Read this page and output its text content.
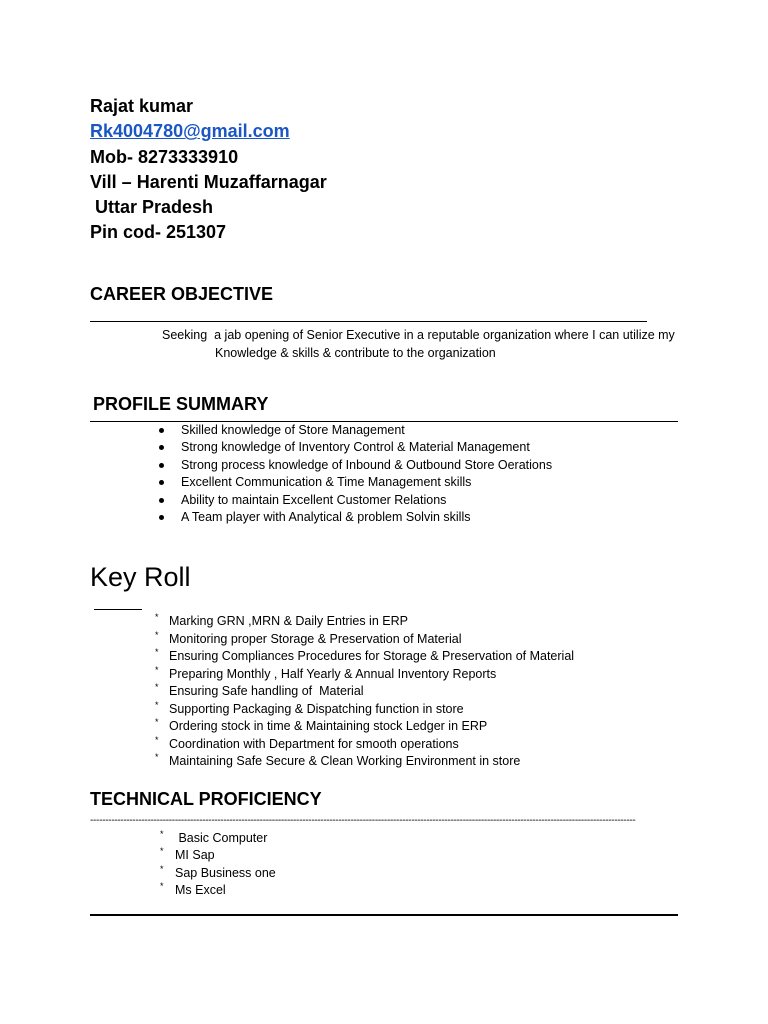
Rajat kumar
Rk4004780@gmail.com
Mob- 8273333910
Vill – Harenti Muzaffarnagar
Uttar Pradesh
Pin cod- 251307
CAREER OBJECTIVE
Seeking  a jab opening of Senior Executive in a reputable organization where I can utilize my
Knowledge & skills & contribute to the organization
PROFILE SUMMARY
Skilled knowledge of Store Management
Strong knowledge of Inventory Control & Material Management
Strong process knowledge of Inbound & Outbound Store Oerations
Excellent Communication & Time Management skills
Ability to maintain Excellent Customer Relations
A Team player with Analytical & problem Solvin skills
Key Roll
* Marking GRN ,MRN & Daily Entries in ERP
* Monitoring proper Storage & Preservation of Material
* Ensuring Compliances Procedures for Storage & Preservation of Material
* Preparing Monthly , Half Yearly & Annual Inventory Reports
* Ensuring Safe handling of  Material
* Supporting Packaging & Dispatching function in store
* Ordering stock in time & Maintaining stock Ledger in ERP
* Coordination with Department for smooth operations
* Maintaining Safe Secure & Clean Working Environment in store
TECHNICAL PROFICIENCY
------------------------------------------------------------------------------------------------------------------------------------------------------------------------------------
* Basic Computer
* MI Sap
* Sap Business one
* Ms Excel
